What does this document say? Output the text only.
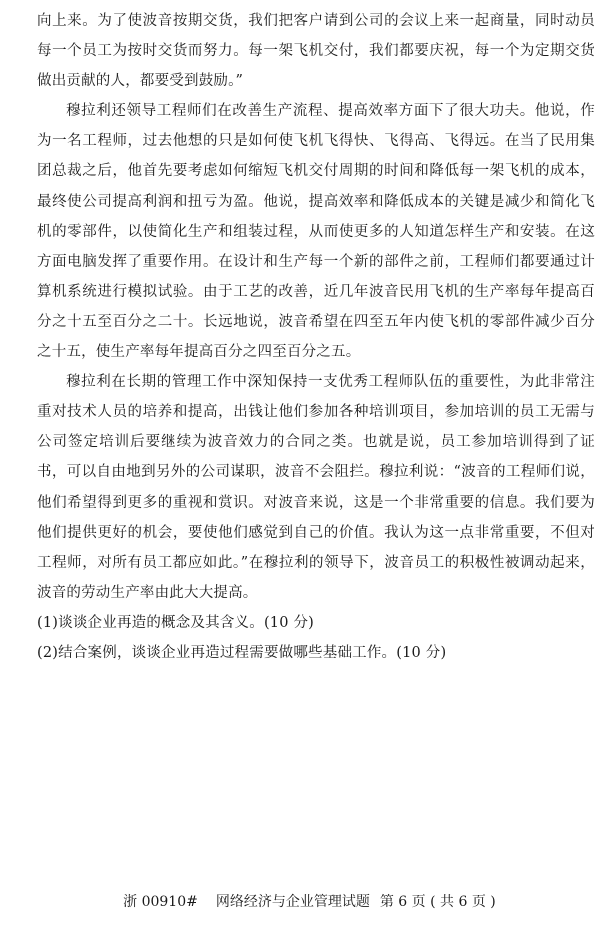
向上来。为了使波音按期交货，我们把客户请到公司的会议上来一起商量，同时动员每一个员工为按时交货而努力。每一架飞机交付，我们都要庆祝，每一个为定期交货做出贡献的人，都要受到鼓励。”

穆拉利还领导工程师们在改善生产流程、提高效率方面下了很大功夫。他说，作为一名工程师，过去他想的只是如何使飞机飞得快、飞得高、飞得远。在当了民用集团总裁之后，他首先要考虑如何缩短飞机交付周期的时间和降低每一架飞机的成本，最终使公司提高利润和扭亏为盈。他说，提高效率和降低成本的关键是减少和简化飞机的零部件，以使简化生产和组装过程，从而使更多的人知道怎样生产和安装。在这方面电脑发挥了重要作用。在设计和生产每一个新的部件之前，工程师们都要通过计算机系统进行模拟试验。由于工艺的改善，近几年波音民用飞机的生产率每年提高百分之十五至百分之二十。长远地说，波音希望在四至五年内使飞机的零部件减少百分之十五，使生产率每年提高百分之四至百分之五。

穆拉利在长期的管理工作中深知保持一支优秀工程师队伍的重要性，为此非常注重对技术人员的培养和提高，出钱让他们参加各种培训项目，参加培训的员工无需与公司签定培训后要继续为波音效力的合同之类。也就是说，员工参加培训得到了证书，可以自由地到另外的公司谋职，波音不会阻拦。穆拉利说：“波音的工程师们说，他们希望得到更多的重视和赏识。对波音来说，这是一个非常重要的信息。我们要为他们提供更好的机会，要使他们感觉到自己的价值。我认为这一点非常重要，不但对工程师，对所有员工都应如此。”在穆拉利的领导下，波音员工的积极性被调动起来，波音的劳动生产率由此大大提高。

(1)谈谈企业再造的概念及其含义。(10 分)

(2)结合案例，谈谈企业再造过程需要做哪些基础工作。(10 分)

浙 00910# 网络经济与企业管理试题 第 6 页 ( 共 6 页 )
